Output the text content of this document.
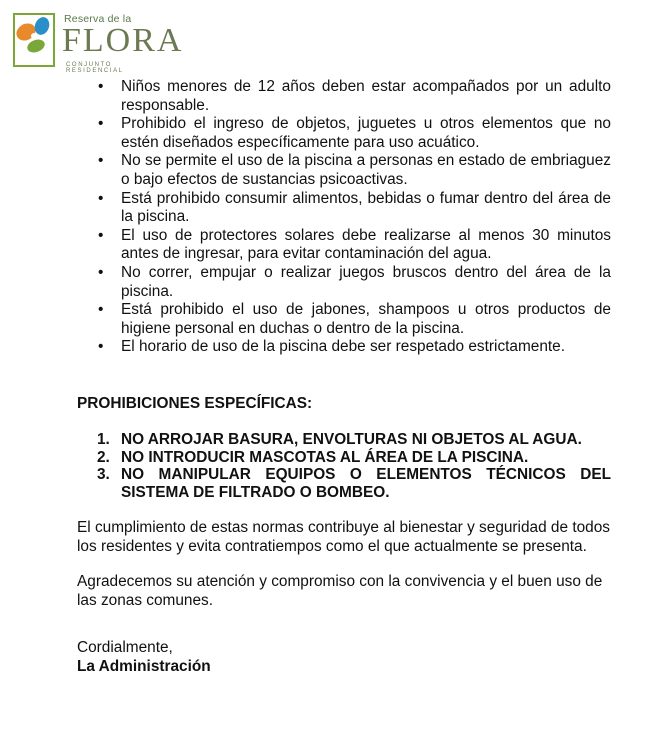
Reserva de la
FLORA
CONJUNTO RESIDENCIAL
• Niños menores de 12 años deben estar acompañados por un adulto responsable.
• Prohibido el ingreso de objetos, juguetes u otros elementos que no estén diseñados específicamente para uso acuático.
• No se permite el uso de la piscina a personas en estado de embriaguez o bajo efectos de sustancias psicoactivas.
• Está prohibido consumir alimentos, bebidas o fumar dentro del área de la piscina.
• El uso de protectores solares debe realizarse al menos 30 minutos antes de ingresar, para evitar contaminación del agua.
• No correr, empujar o realizar juegos bruscos dentro del área de la piscina.
• Está prohibido el uso de jabones, shampoos u otros productos de higiene personal en duchas o dentro de la piscina.
• El horario de uso de la piscina debe ser respetado estrictamente.
PROHIBICIONES ESPECÍFICAS:
1. NO ARROJAR BASURA, ENVOLTURAS NI OBJETOS AL AGUA.
2. NO INTRODUCIR MASCOTAS AL ÁREA DE LA PISCINA.
3. NO MANIPULAR EQUIPOS O ELEMENTOS TÉCNICOS DEL SISTEMA DE FILTRADO O BOMBEO.
El cumplimiento de estas normas contribuye al bienestar y seguridad de todos los residentes y evita contratiempos como el que actualmente se presenta.
Agradecemos su atención y compromiso con la convivencia y el buen uso de las zonas comunes.
Cordialmente,
La Administración
